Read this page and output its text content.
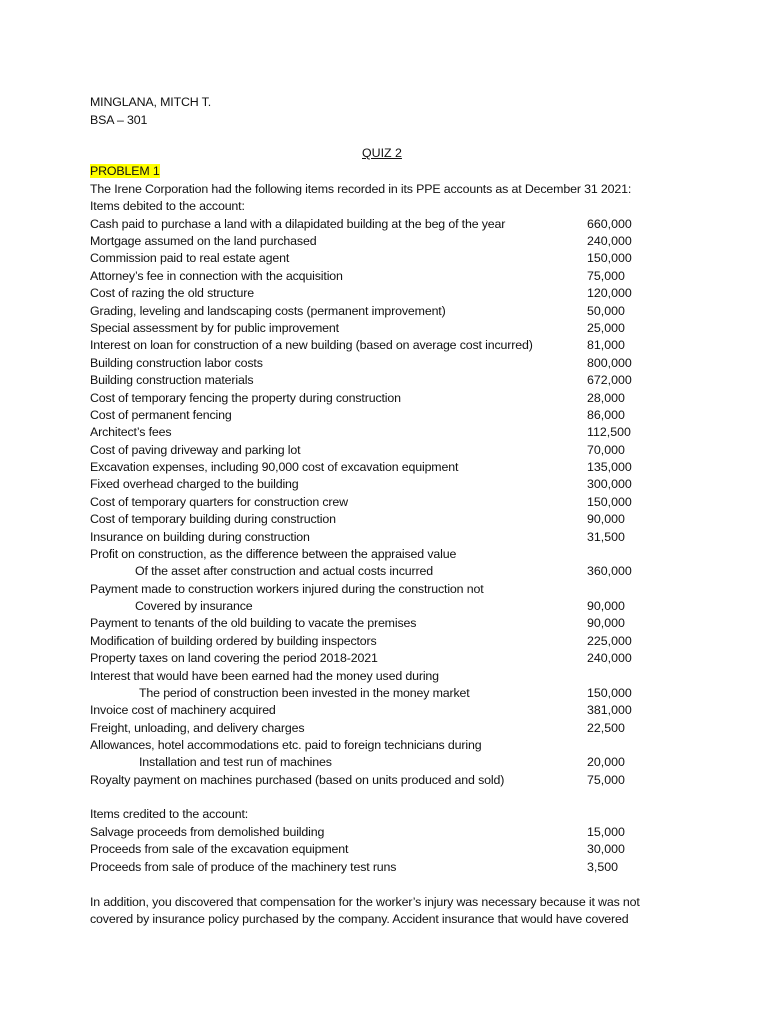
MINGLANA, MITCH T.
BSA – 301
QUIZ 2
PROBLEM 1
The Irene Corporation had the following items recorded in its PPE accounts as at December 31 2021:
Items debited to the account:
Cash paid to purchase a land with a dilapidated building at the beg of the year	660,000
Mortgage assumed on the land purchased	240,000
Commission paid to real estate agent	150,000
Attorney’s fee in connection with the acquisition	75,000
Cost of razing the old structure	120,000
Grading, leveling and landscaping costs (permanent improvement)	50,000
Special assessment by for public improvement	25,000
Interest on loan for construction of a new building (based on average cost incurred)	81,000
Building construction labor costs	800,000
Building construction materials	672,000
Cost of temporary fencing the property during construction	28,000
Cost of permanent fencing	86,000
Architect’s fees	112,500
Cost of paving driveway and parking lot	70,000
Excavation expenses, including 90,000 cost of excavation equipment	135,000
Fixed overhead charged to the building	300,000
Cost of temporary quarters for construction crew	150,000
Cost of temporary building during construction	90,000
Insurance on building during construction	31,500
Profit on construction, as the difference between the appraised value
Of the asset after construction and actual costs incurred	360,000
Payment made to construction workers injured during the construction not
Covered by insurance	90,000
Payment to tenants of the old building to vacate the premises	90,000
Modification of building ordered by building inspectors	225,000
Property taxes on land covering the period 2018-2021	240,000
Interest that would have been earned had the money used during
The period of construction been invested in the money market	150,000
Invoice cost of machinery acquired	381,000
Freight, unloading, and delivery charges	22,500
Allowances, hotel accommodations etc. paid to foreign technicians during
Installation and test run of machines	20,000
Royalty payment on machines purchased (based on units produced and sold)	75,000
Items credited to the account:
Salvage proceeds from demolished building	15,000
Proceeds from sale of the excavation equipment	30,000
Proceeds from sale of produce of the machinery test runs	3,500
In addition, you discovered that compensation for the worker’s injury was necessary because it was not
covered by insurance policy purchased by the company. Accident insurance that would have covered
